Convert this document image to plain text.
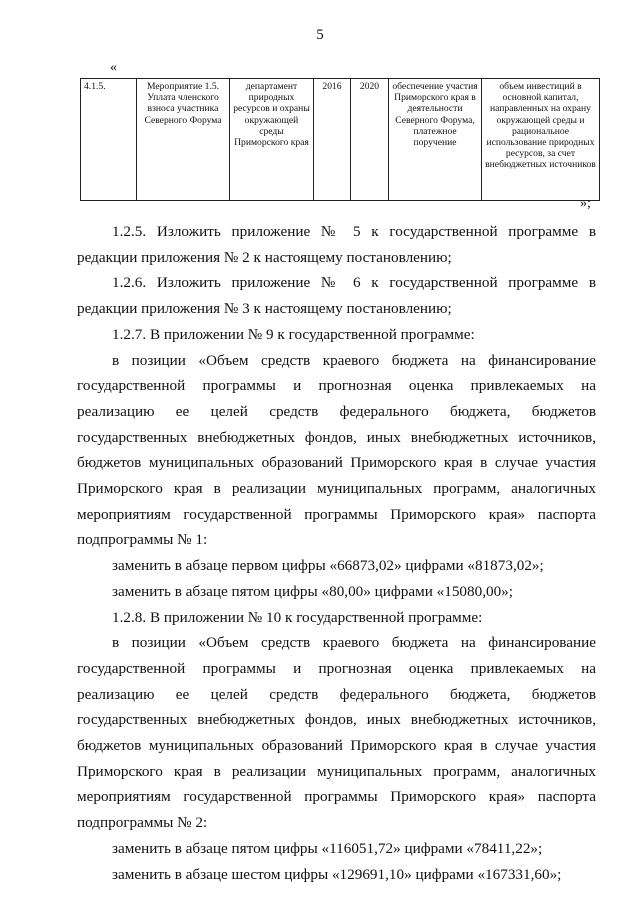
5
«
4.1.5.	Мероприятие 1.5. Уплата членского взноса участника Северного Форума	департамент природных ресурсов и охраны окружающей среды Приморского края	2016	2020	обеспечение участия Приморского края в деятельности Северного Форума, платежное поручение	объем инвестиций в основной капитал, направленных на охрану окружающей среды и рациональное использование природных ресурсов, за счет внебюджетных источников
»;

1.2.5. Изложить приложение № 5 к государственной программе в редакции приложения № 2 к настоящему постановлению;

1.2.6. Изложить приложение № 6 к государственной программе в редакции приложения № 3 к настоящему постановлению;

1.2.7. В приложении № 9 к государственной программе:

в позиции «Объем средств краевого бюджета на финансирование государственной программы и прогнозная оценка привлекаемых на реализацию ее целей средств федерального бюджета, бюджетов государственных внебюджетных фондов, иных внебюджетных источников, бюджетов муниципальных образований Приморского края в случае участия Приморского края в реализации муниципальных программ, аналогичных мероприятиям государственной программы Приморского края» паспорта подпрограммы № 1:

заменить в абзаце первом цифры «66873,02» цифрами «81873,02»;

заменить в абзаце пятом цифры «80,00» цифрами «15080,00»;

1.2.8. В приложении № 10 к государственной программе:

в позиции «Объем средств краевого бюджета на финансирование государственной программы и прогнозная оценка привлекаемых на реализацию ее целей средств федерального бюджета, бюджетов государственных внебюджетных фондов, иных внебюджетных источников, бюджетов муниципальных образований Приморского края в случае участия Приморского края в реализации муниципальных программ, аналогичных мероприятиям государственной программы Приморского края» паспорта подпрограммы № 2:

заменить в абзаце пятом цифры «116051,72» цифрами «78411,22»;

заменить в абзаце шестом цифры «129691,10» цифрами «167331,60»;
